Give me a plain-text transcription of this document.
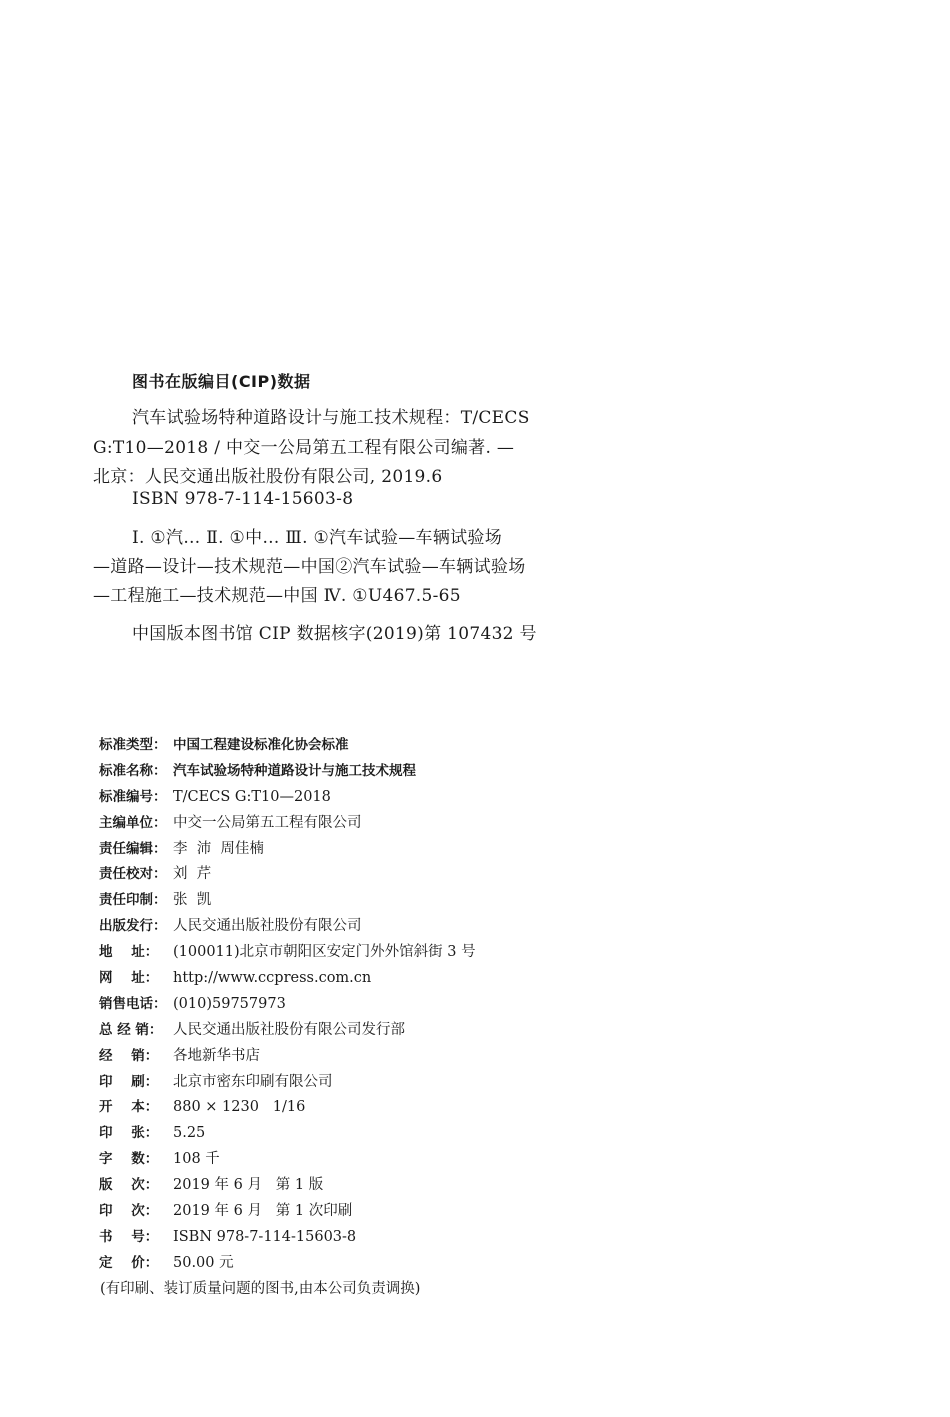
图书在版编目(CIP)数据
汽车试验场特种道路设计与施工技术规程：T/CECS
G:T10—2018 / 中交一公局第五工程有限公司编著. —
北京：人民交通出版社股份有限公司, 2019.6
ISBN 978-7-114-15603-8
Ⅰ. ①汽… Ⅱ. ①中… Ⅲ. ①汽车试验—车辆试验场
—道路—设计—技术规范—中国②汽车试验—车辆试验场
—工程施工—技术规范—中国 Ⅳ. ①U467.5-65
中国版本图书馆 CIP 数据核字(2019)第 107432 号
标准类型： 中国工程建设标准化协会标准
标准名称： 汽车试验场特种道路设计与施工技术规程
标准编号： T/CECS G:T10—2018
主编单位： 中交一公局第五工程有限公司
责任编辑： 李  沛  周佳楠
责任校对： 刘  芹
责任印制： 张  凯
出版发行： 人民交通出版社股份有限公司
地    址：	(100011)北京市朝阳区安定门外外馆斜街 3 号
网    址：	http://www.ccpress.com.cn
销售电话： (010)59757973
总 经 销： 人民交通出版社股份有限公司发行部
经    销：	各地新华书店
印    刷：	北京市密东印刷有限公司
开    本：	880 × 1230   1/16
印    张：	5.25
字    数：	108 千
版    次：	2019 年 6 月   第 1 版
印    次：	2019 年 6 月   第 1 次印刷
书    号：	ISBN 978-7-114-15603-8
定    价：	50.00 元
(有印刷、装订质量问题的图书,由本公司负责调换)
